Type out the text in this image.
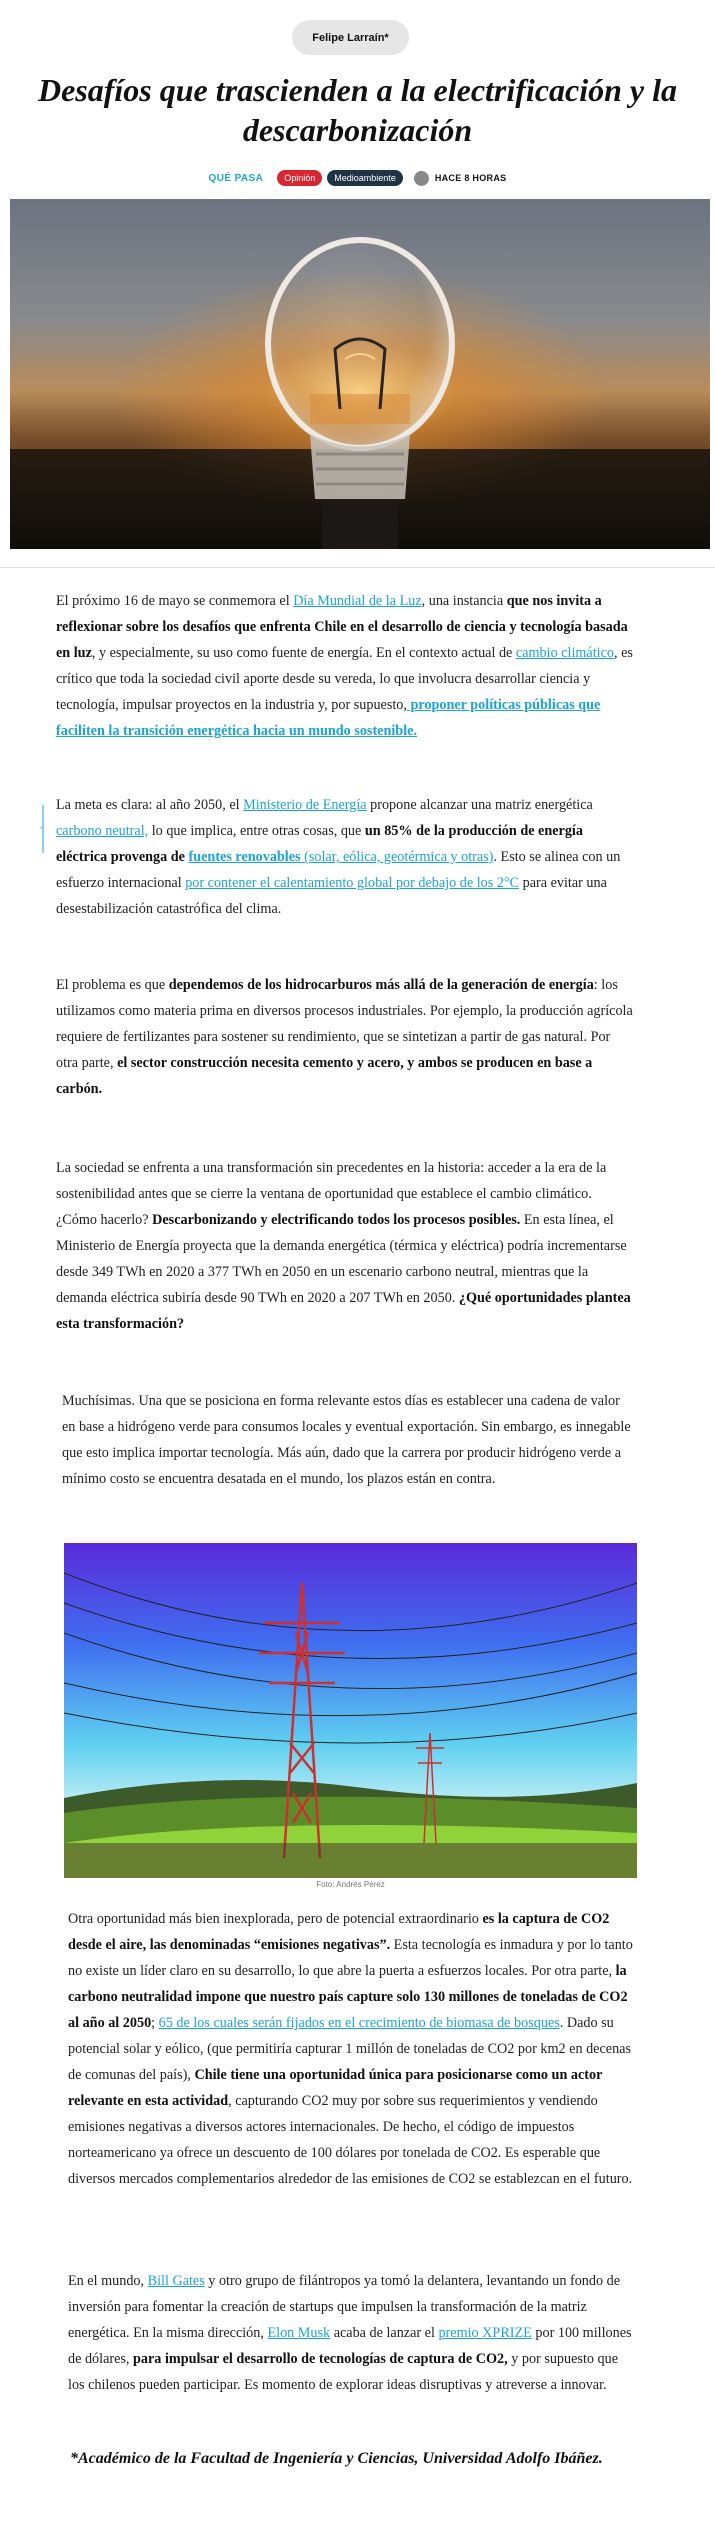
Felipe Larraín*
Desafíos que trascienden a la electrificación y la descarbonización
QUÉ PASA	Opinión	Medioambiente	HACE 8 HORAS
El próximo 16 de mayo se conmemora el Día Mundial de la Luz, una instancia que nos invita a reflexionar sobre los desafíos que enfrenta Chile en el desarrollo de ciencia y tecnología basada en luz, y especialmente, su uso como fuente de energía. En el contexto actual de cambio climático, es crítico que toda la sociedad civil aporte desde su vereda, lo que involucra desarrollar ciencia y tecnología, impulsar proyectos en la industria y, por supuesto, proponer políticas públicas que faciliten la transición energética hacia un mundo sostenible.
”
La meta es clara: al año 2050, el Ministerio de Energía propone alcanzar una matriz energética carbono neutral, lo que implica, entre otras cosas, que un 85% de la producción de energía eléctrica provenga de fuentes renovables (solar, eólica, geotérmica y otras). Esto se alinea con un esfuerzo internacional por contener el calentamiento global por debajo de los 2°C para evitar una desestabilización catastrófica del clima.
El problema es que dependemos de los hidrocarburos más allá de la generación de energía: los utilizamos como materia prima en diversos procesos industriales. Por ejemplo, la producción agrícola requiere de fertilizantes para sostener su rendimiento, que se sintetizan a partir de gas natural. Por otra parte, el sector construcción necesita cemento y acero, y ambos se producen en base a carbón.
La sociedad se enfrenta a una transformación sin precedentes en la historia: acceder a la era de la sostenibilidad antes que se cierre la ventana de oportunidad que establece el cambio climático. ¿Cómo hacerlo? Descarbonizando y electrificando todos los procesos posibles. En esta línea, el Ministerio de Energía proyecta que la demanda energética (térmica y eléctrica) podría incrementarse desde 349 TWh en 2020 a 377 TWh en 2050 en un escenario carbono neutral, mientras que la demanda eléctrica subiría desde 90 TWh en 2020 a 207 TWh en 2050. ¿Qué oportunidades plantea esta transformación?
Muchísimas. Una que se posiciona en forma relevante estos días es establecer una cadena de valor en base a hidrógeno verde para consumos locales y eventual exportación. Sin embargo, es innegable que esto implica importar tecnología. Más aún, dado que la carrera por producir hidrógeno verde a mínimo costo se encuentra desatada en el mundo, los plazos están en contra.
Foto: Andrés Pérez
Otra oportunidad más bien inexplorada, pero de potencial extraordinario es la captura de CO2 desde el aire, las denominadas “emisiones negativas”. Esta tecnología es inmadura y por lo tanto no existe un líder claro en su desarrollo, lo que abre la puerta a esfuerzos locales. Por otra parte, la carbono neutralidad impone que nuestro país capture solo 130 millones de toneladas de CO2 al año al 2050; 65 de los cuales serán fijados en el crecimiento de biomasa de bosques. Dado su potencial solar y eólico, (que permitiría capturar 1 millón de toneladas de CO2 por km2 en decenas de comunas del país), Chile tiene una oportunidad única para posicionarse como un actor relevante en esta actividad, capturando CO2 muy por sobre sus requerimientos y vendiendo emisiones negativas a diversos actores internacionales. De hecho, el código de impuestos norteamericano ya ofrece un descuento de 100 dólares por tonelada de CO2. Es esperable que diversos mercados complementarios alrededor de las emisiones de CO2 se establezcan en el futuro.
En el mundo, Bill Gates y otro grupo de filántropos ya tomó la delantera, levantando un fondo de inversión para fomentar la creación de startups que impulsen la transformación de la matriz energética. En la misma dirección, Elon Musk acaba de lanzar el premio XPRIZE por 100 millones de dólares, para impulsar el desarrollo de tecnologías de captura de CO2, y por supuesto que los chilenos pueden participar. Es momento de explorar ideas disruptivas y atreverse a innovar.
*Académico de la Facultad de Ingeniería y Ciencias, Universidad Adolfo Ibáñez.
